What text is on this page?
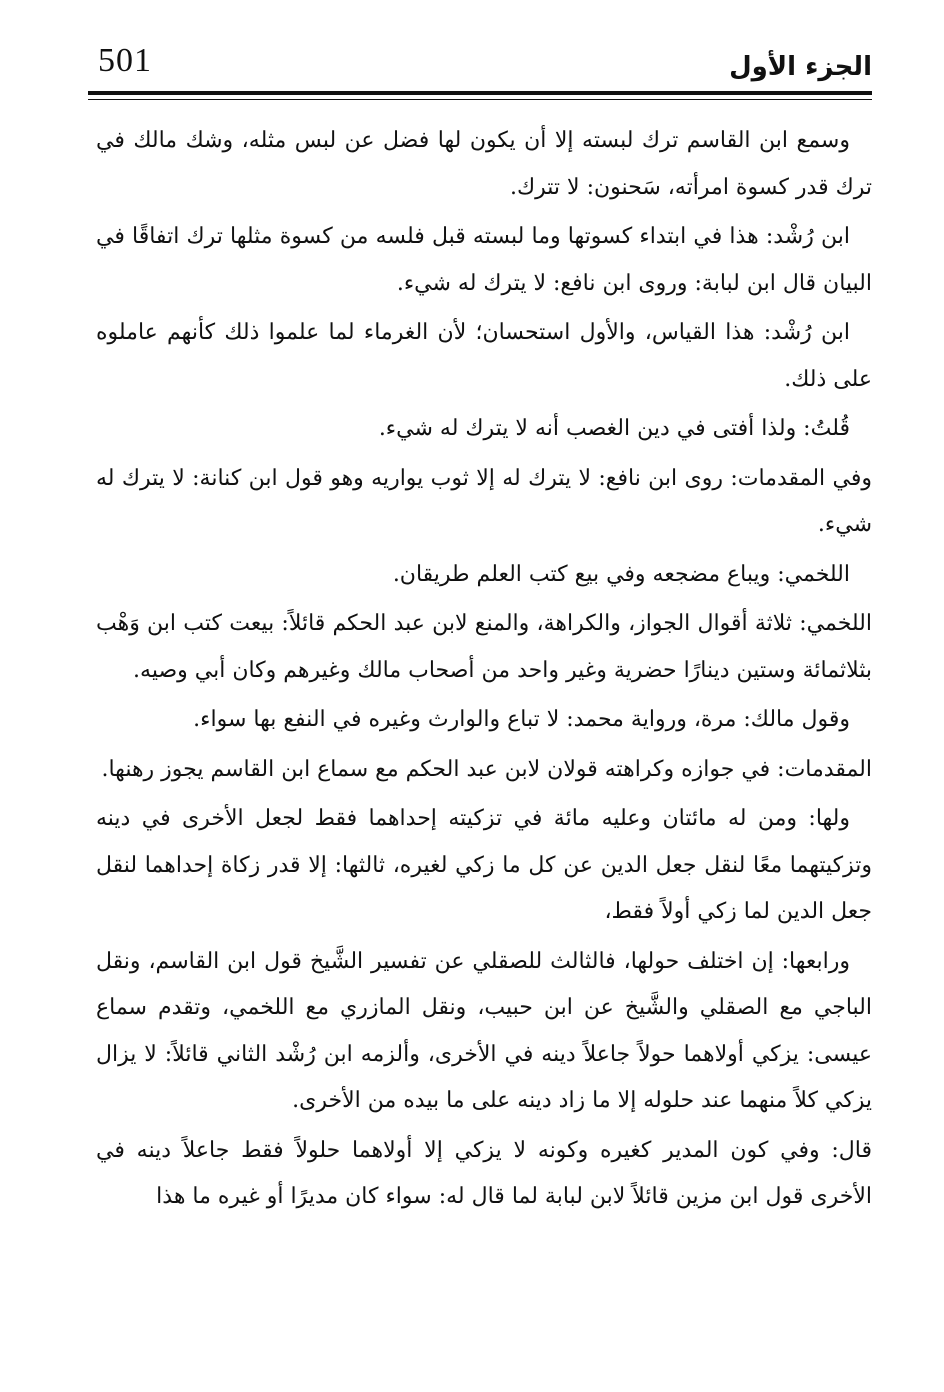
501	الجزء الأول

وسمع ابن القاسم ترك لبسته إلا أن يكون لها فضل عن لبس مثله، وشك مالك في ترك قدر كسوة امرأته، سَحنون: لا تترك.

ابن رُشْد: هذا في ابتداء كسوتها وما لبسته قبل فلسه من كسوة مثلها ترك اتفاقًا في البيان قال ابن لبابة: وروى ابن نافع: لا يترك له شيء.

ابن رُشْد: هذا القياس، والأول استحسان؛ لأن الغرماء لما علموا ذلك كأنهم عاملوه على ذلك.

قُلتُ: ولذا أفتى في دين الغصب أنه لا يترك له شيء.

وفي المقدمات: روى ابن نافع: لا يترك له إلا ثوب يواريه وهو قول ابن كنانة: لا يترك له شيء.

اللخمي: ويباع مضجعه وفي بيع كتب العلم طريقان.

اللخمي: ثلاثة أقوال الجواز، والكراهة، والمنع لابن عبد الحكم قائلاً: بيعت كتب ابن وَهْب بثلاثمائة وستين دينارًا حضرية وغير واحد من أصحاب مالك وغيرهم وكان أبي وصيه.

وقول مالك: مرة، ورواية محمد: لا تباع والوارث وغيره في النفع بها سواء.

المقدمات: في جوازه وكراهته قولان لابن عبد الحكم مع سماع ابن القاسم يجوز رهنها.

ولها: ومن له مائتان وعليه مائة في تزكيته إحداهما فقط لجعل الأخرى في دينه وتزكيتهما معًا لنقل جعل الدين عن كل ما زكي لغيره، ثالثها: إلا قدر زكاة إحداهما لنقل جعل الدين لما زكي أولاً فقط،

ورابعها: إن اختلف حولها، فالثالث للصقلي عن تفسير الشَّيخ قول ابن القاسم، ونقل الباجي مع الصقلي والشَّيخ عن ابن حبيب، ونقل المازري مع اللخمي، وتقدم سماع عيسى: يزكي أولاهما حولاً جاعلاً دينه في الأخرى، وألزمه ابن رُشْد الثاني قائلاً: لا يزال يزكي كلاً منهما عند حلوله إلا ما زاد دينه على ما بيده من الأخرى.

قال: وفي كون المدير كغيره وكونه لا يزكي إلا أولاهما حلولاً فقط جاعلاً دينه في الأخرى قول ابن مزين قائلاً لابن لبابة لما قال له: سواء كان مديرًا أو غيره ما هذا
